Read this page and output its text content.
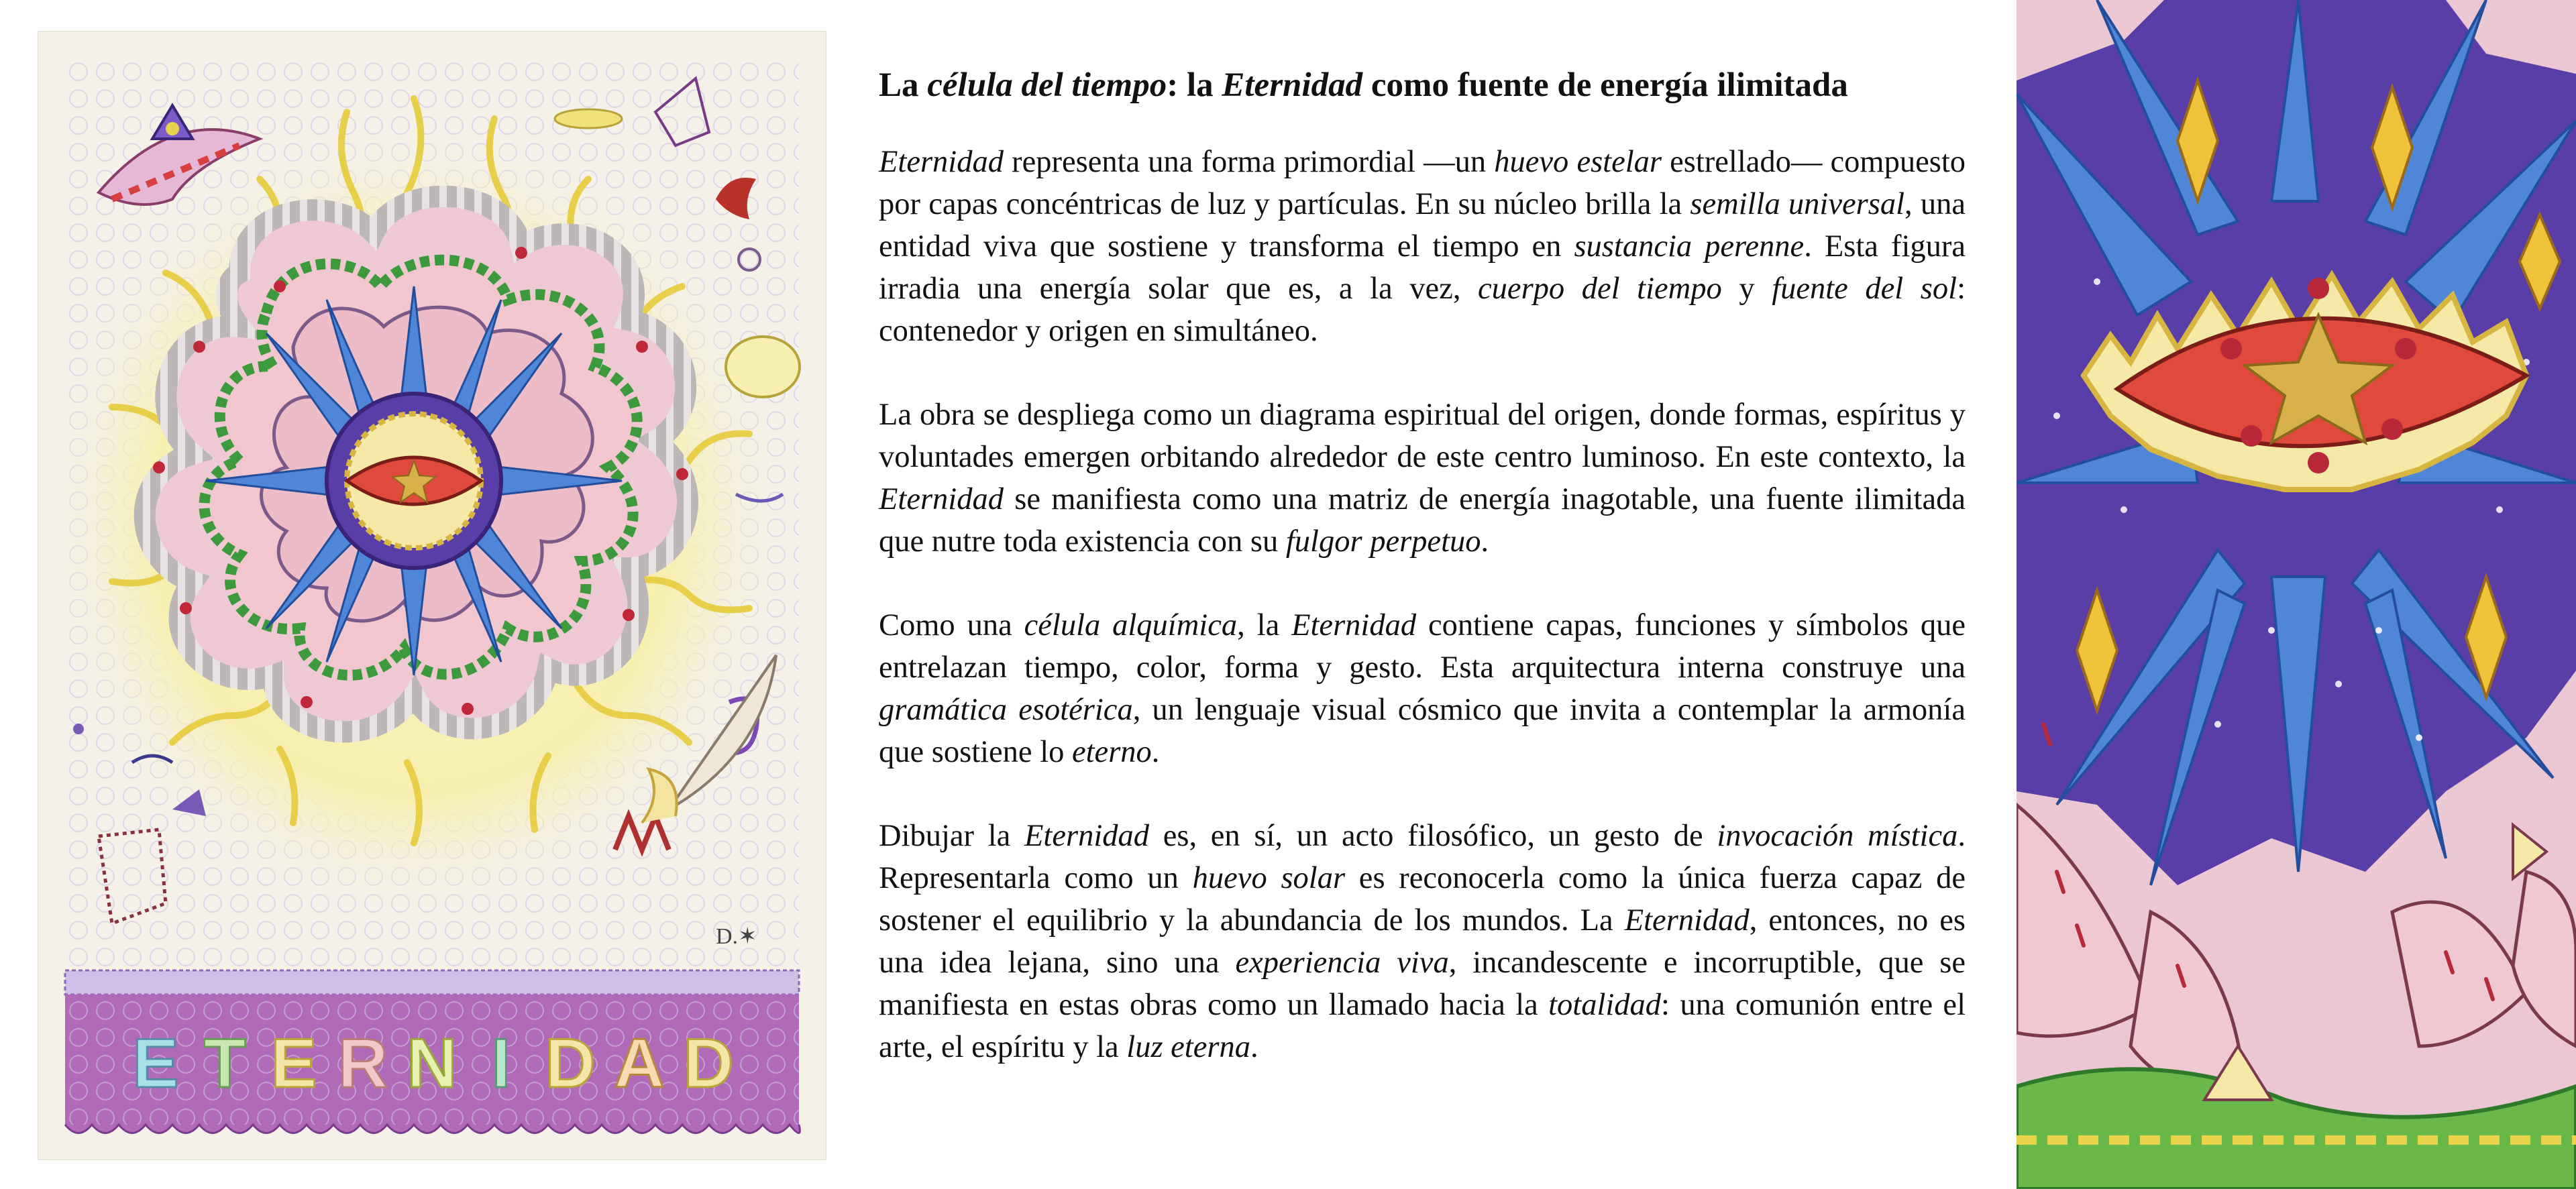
D.✶
E T E R N I D A D
La célula del tiempo: la Eternidad como fuente de energía ilimitada

Eternidad representa una forma primordial —un huevo estelar estrellado— compuesto por capas concéntricas de luz y partículas. En su núcleo brilla la semilla universal, una entidad viva que sostiene y transforma el tiempo en sustancia perenne. Esta figura irradia una energía solar que es, a la vez, cuerpo del tiempo y fuente del sol: contenedor y origen en simultáneo.

La obra se despliega como un diagrama espiritual del origen, donde formas, espíritus y voluntades emergen orbitando alrededor de este centro luminoso. En este contexto, la Eternidad se manifiesta como una matriz de energía inagotable, una fuente ilimitada que nutre toda existencia con su fulgor perpetuo.

Como una célula alquímica, la Eternidad contiene capas, funciones y símbolos que entrelazan tiempo, color, forma y gesto. Esta arquitectura interna construye una gramática esotérica, un lenguaje visual cósmico que invita a contemplar la armonía que sostiene lo eterno.

Dibujar la Eternidad es, en sí, un acto filosófico, un gesto de invocación mística. Representarla como un huevo solar es reconocerla como la única fuerza capaz de sostener el equilibrio y la abundancia de los mundos. La Eternidad, entonces, no es una idea lejana, sino una experiencia viva, incandescente e incorruptible, que se manifiesta en estas obras como un llamado hacia la totalidad: una comunión entre el arte, el espíritu y la luz eterna.
